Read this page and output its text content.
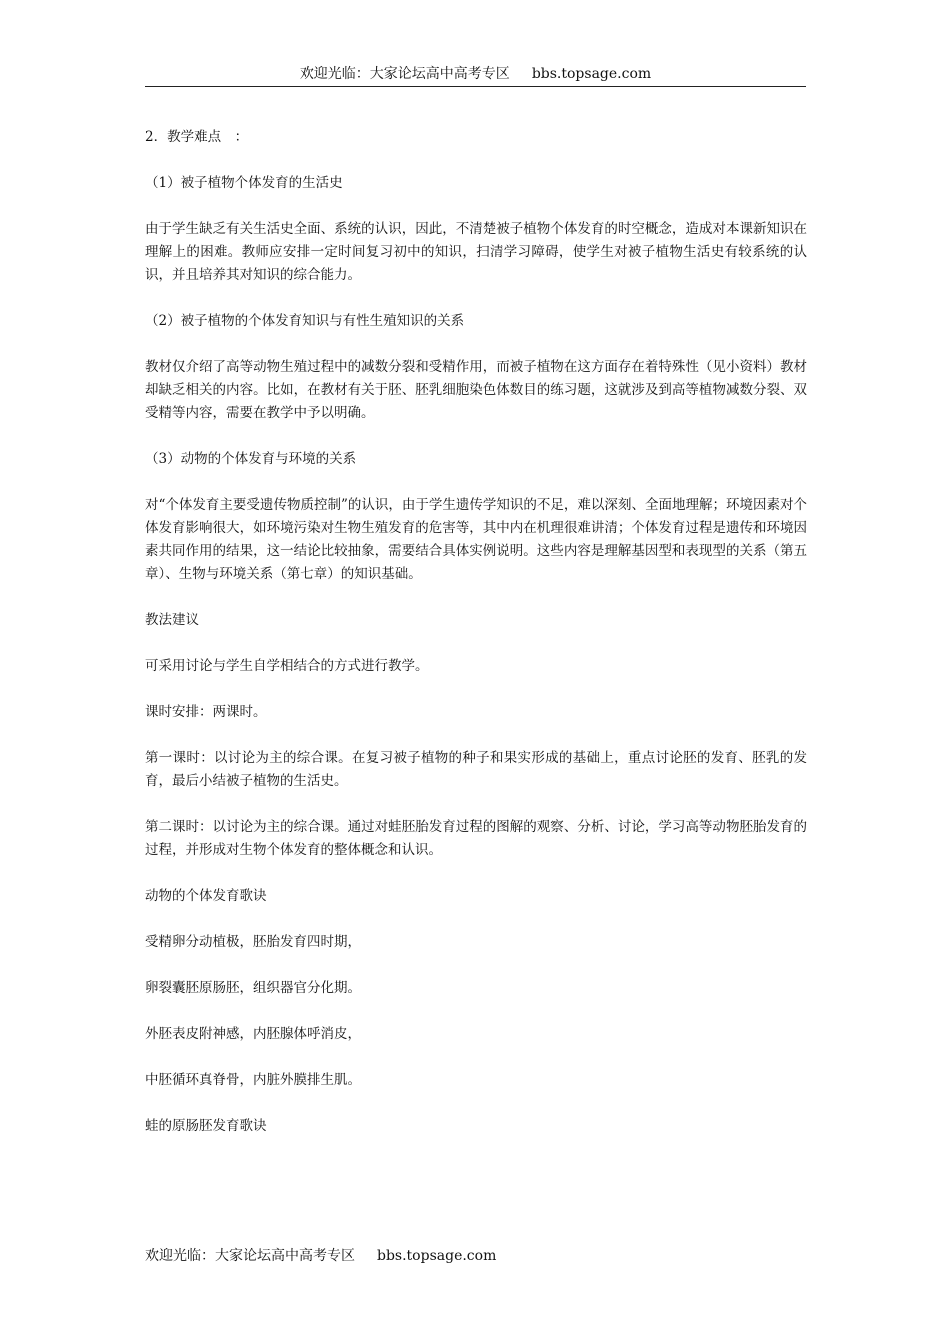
欢迎光临：大家论坛高中高考专区 bbs.topsage.com

2．教学难点　：

（1）被子植物个体发育的生活史

由于学生缺乏有关生活史全面、系统的认识，因此，不清楚被子植物个体发育的时空概念，造成对本课新知识在理解上的困难。教师应安排一定时间复习初中的知识，扫清学习障碍，使学生对被子植物生活史有较系统的认识，并且培养其对知识的综合能力。

（2）被子植物的个体发育知识与有性生殖知识的关系

教材仅介绍了高等动物生殖过程中的减数分裂和受精作用，而被子植物在这方面存在着特殊性（见小资料）教材却缺乏相关的内容。比如，在教材有关于胚、胚乳细胞染色体数目的练习题，这就涉及到高等植物减数分裂、双受精等内容，需要在教学中予以明确。

（3）动物的个体发育与环境的关系

对“个体发育主要受遗传物质控制”的认识，由于学生遗传学知识的不足，难以深刻、全面地理解；环境因素对个体发育影响很大，如环境污染对生物生殖发育的危害等，其中内在机理很难讲清；个体发育过程是遗传和环境因素共同作用的结果，这一结论比较抽象，需要结合具体实例说明。这些内容是理解基因型和表现型的关系（第五章）、生物与环境关系（第七章）的知识基础。

教法建议

可采用讨论与学生自学相结合的方式进行教学。

课时安排：两课时。

第一课时：以讨论为主的综合课。在复习被子植物的种子和果实形成的基础上，重点讨论胚的发育、胚乳的发育，最后小结被子植物的生活史。

第二课时：以讨论为主的综合课。通过对蛙胚胎发育过程的图解的观察、分析、讨论，学习高等动物胚胎发育的过程，并形成对生物个体发育的整体概念和认识。

动物的个体发育歌诀

受精卵分动植极，胚胎发育四时期，

卵裂囊胚原肠胚，组织器官分化期。

外胚表皮附神感，内胚腺体呼消皮，

中胚循环真脊骨，内脏外膜排生肌。

蛙的原肠胚发育歌诀

欢迎光临：大家论坛高中高考专区 bbs.topsage.com
